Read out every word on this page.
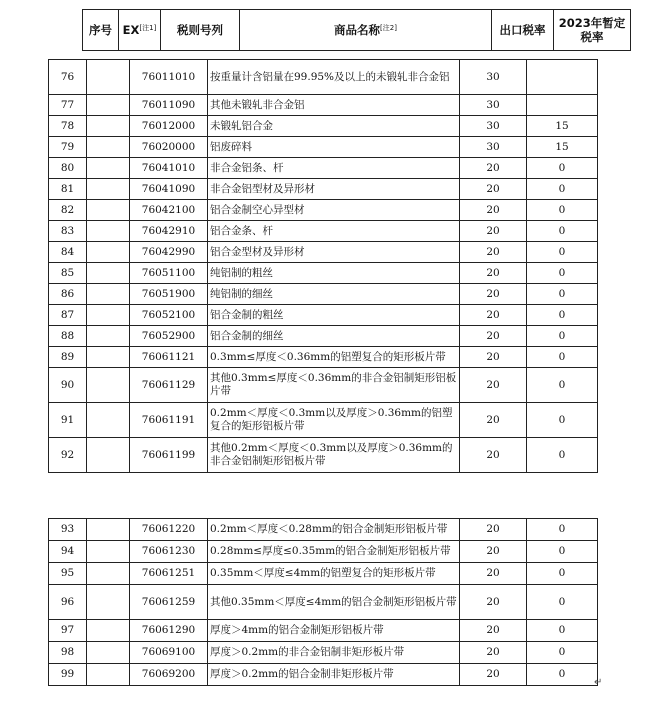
序号	EX[注1]	税则号列	商品名称[注2]	出口税率	2023年暂定税率
76		76011010	按重量计含铝量在99.95%及以上的未锻轧非合金铝	30	
77		76011090	其他未锻轧非合金铝	30	
78		76012000	未锻轧铝合金	30	15
79		76020000	铝废碎料	30	15
80		76041010	非合金铝条、杆	20	0
81		76041090	非合金铝型材及异形材	20	0
82		76042100	铝合金制空心异型材	20	0
83		76042910	铝合金条、杆	20	0
84		76042990	铝合金型材及异形材	20	0
85		76051100	纯铝制的粗丝	20	0
86		76051900	纯铝制的细丝	20	0
87		76052100	铝合金制的粗丝	20	0
88		76052900	铝合金制的细丝	20	0
89		76061121	0.3mm≤厚度＜0.36mm的铝塑复合的矩形板片带	20	0
90		76061129	其他0.3mm≤厚度＜0.36mm的非合金铝制矩形铝板片带	20	0
91		76061191	0.2mm＜厚度＜0.3mm以及厚度＞0.36mm的铝塑复合的矩形铝板片带	20	0
92		76061199	其他0.2mm＜厚度＜0.3mm以及厚度＞0.36mm的非合金铝制矩形铝板片带	20	0
93		76061220	0.2mm＜厚度＜0.28mm的铝合金制矩形铝板片带	20	0
94		76061230	0.28mm≤厚度≤0.35mm的铝合金制矩形铝板片带	20	0
95		76061251	0.35mm＜厚度≤4mm的铝塑复合的矩形板片带	20	0
96		76061259	其他0.35mm＜厚度≤4mm的铝合金制矩形铝板片带	20	0
97		76061290	厚度＞4mm的铝合金制矩形铝板片带	20	0
98		76069100	厚度＞0.2mm的非合金铝制非矩形板片带	20	0
99		76069200	厚度＞0.2mm的铝合金制非矩形板片带	20	0
↵
